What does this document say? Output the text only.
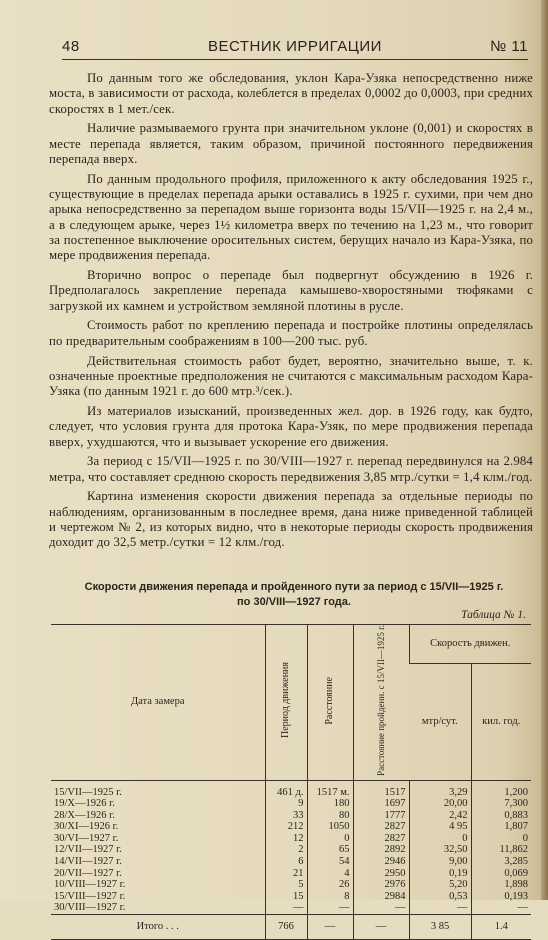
ВЕСТНИК ИРРИГАЦИИ
48	№ 11

По данным того же обследования, уклон Кара-Узяка непосредственно ниже моста, в зависимости от расхода, колеблется в пределах 0,0002 до 0,0003, при средних скоростях в 1 мет./сек.

Наличие размываемого грунта при значительном уклоне (0,001) и скоростях в месте перепада является, таким образом, причиной постоянного передвижения перепада вверх.

По данным продольного профиля, приложенного к акту обследования 1925 г., существующие в пределах перепада арыки оставались в 1925 г. сухими, при чем дно арыка непосредственно за перепадом выше горизонта воды 15/VII—1925 г. на 2,4 м., а в следующем арыке, через 1½ километра вверх по течению на 1,23 м., что говорит за постепенное выключение оросительных систем, берущих начало из Кара-Узяка, по мере продвижения перепада.

Вторично вопрос о перепаде был подвергнут обсуждению в 1926 г. Предполагалось закрепление перепада камышево-хворостяными тюфяками с загрузкой их камнем и устройством земляной плотины в русле.

Стоимость работ по креплению перепада и постройке плотины определялась по предварительным соображениям в 100—200 тыс. руб.

Действительная стоимость работ будет, вероятно, значительно выше, т. к. означенные проектные предположения не считаются с максимальным расходом Кара-Узяка (по данным 1921 г. до 600 мтр.³/сек.).

Из материалов изысканий, произведенных жел. дор. в 1926 году, как будто, следует, что условия грунта для протока Кара-Узяк, по мере продвижения перепада вверх, ухудшаются, что и вызывает ускорение его движения.

За период с 15/VII—1925 г. по 30/VIII—1927 г. перепад передвинулся на 2.984 метра, что составляет среднюю скорость передвижения 3,85 мтр./сутки = 1,4 клм./год.

Картина изменения скорости движения перепада за отдельные периоды по наблюдениям, организованным в последнее время, дана ниже приведенной таблицей и чертежом № 2, из которых видно, что в некоторые периоды скорость продвижения доходит до 32,5 метр./сутки = 12 клм./год.

Скорости движения перепада и пройденного пути за период с 15/VII—1925 г.
по 30/VIII—1927 года.
Таблица № 1.
Дата замера	Период движения	Расстояние	Расстояние пройденн. с 15/VII—1925 г.	Скорость движен.	
				мтр/сут.	кил. год.

15/VII—1925 г.	461 д.	1517 м.	1517	3,29	1,200
19/X—1926 г.	9	180	1697	20,00	7,300
28/X—1926 г.	33	80	1777	2,42	0,883
30/XI—1926 г.	212	1050	2827	4 95	1,807
30/VI—1927 г.	12	0	2827	0	0
12/VII—1927 г.	2	65	2892	32,50	11,862
14/VII—1927 г.	6	54	2946	9,00	3,285
20/VII—1927 г.	21	4	2950	0,19	0,069
10/VIII—1927 г.	5	26	2976	5,20	1,898
15/VIII—1927 г.	15	8	2984	0,53	0,193
30/VIII—1927 г.	—	—	—	—	—
Итого . . .	766	—	—	3 85	1.4
